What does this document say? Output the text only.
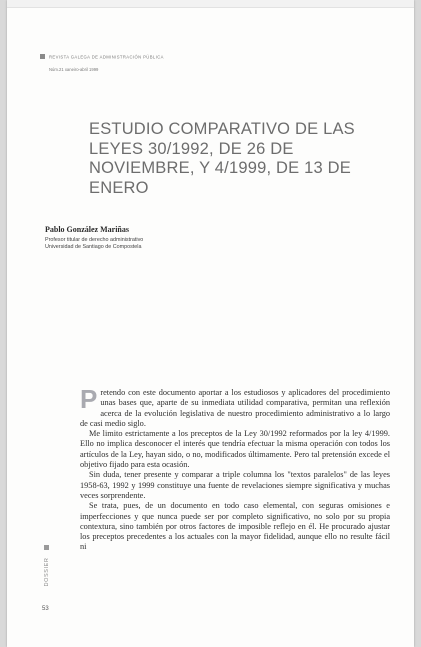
REVISTA GALEGA DE ADMINISTRACIÓN PÚBLICA
Núm.21 xaneiro-abril 1999
ESTUDIO COMPARATIVO DE LAS LEYES 30/1992, DE 26 DE NOVIEMBRE, Y 4/1999, DE 13 DE ENERO
Pablo González Mariñas
Profesor titular de derecho administrativo
Universidad de Santiago de Compostela

Pretendo con este documento aportar a los estudiosos y aplicadores del procedimiento unas bases que, aparte de su inmediata utilidad comparativa, permitan una reflexión acerca de la evolución legislativa de nuestro procedimiento administrativo a lo largo de casi medio siglo.

Me limito estrictamente a los preceptos de la Ley 30/1992 reformados por la ley 4/1999. Ello no implica desconocer el interés que tendría efectuar la misma operación con todos los artículos de la Ley, hayan sido, o no, modificados últimamente. Pero tal pretensión excede el objetivo fijado para esta ocasión.

Sin duda, tener presente y comparar a triple columna los "textos paralelos" de las leyes 1958-63, 1992 y 1999 constituye una fuente de revelaciones siempre significativa y muchas veces sorprendente.

Se trata, pues, de un documento en todo caso elemental, con seguras omisiones e imperfecciones y que nunca puede ser por completo significativo, no solo por su propia contextura, sino también por otros factores de imposible reflejo en él. He procurado ajustar los preceptos precedentes a los actuales con la mayor fidelidad, aunque ello no resulte fácil ni

DOSSIER
53
